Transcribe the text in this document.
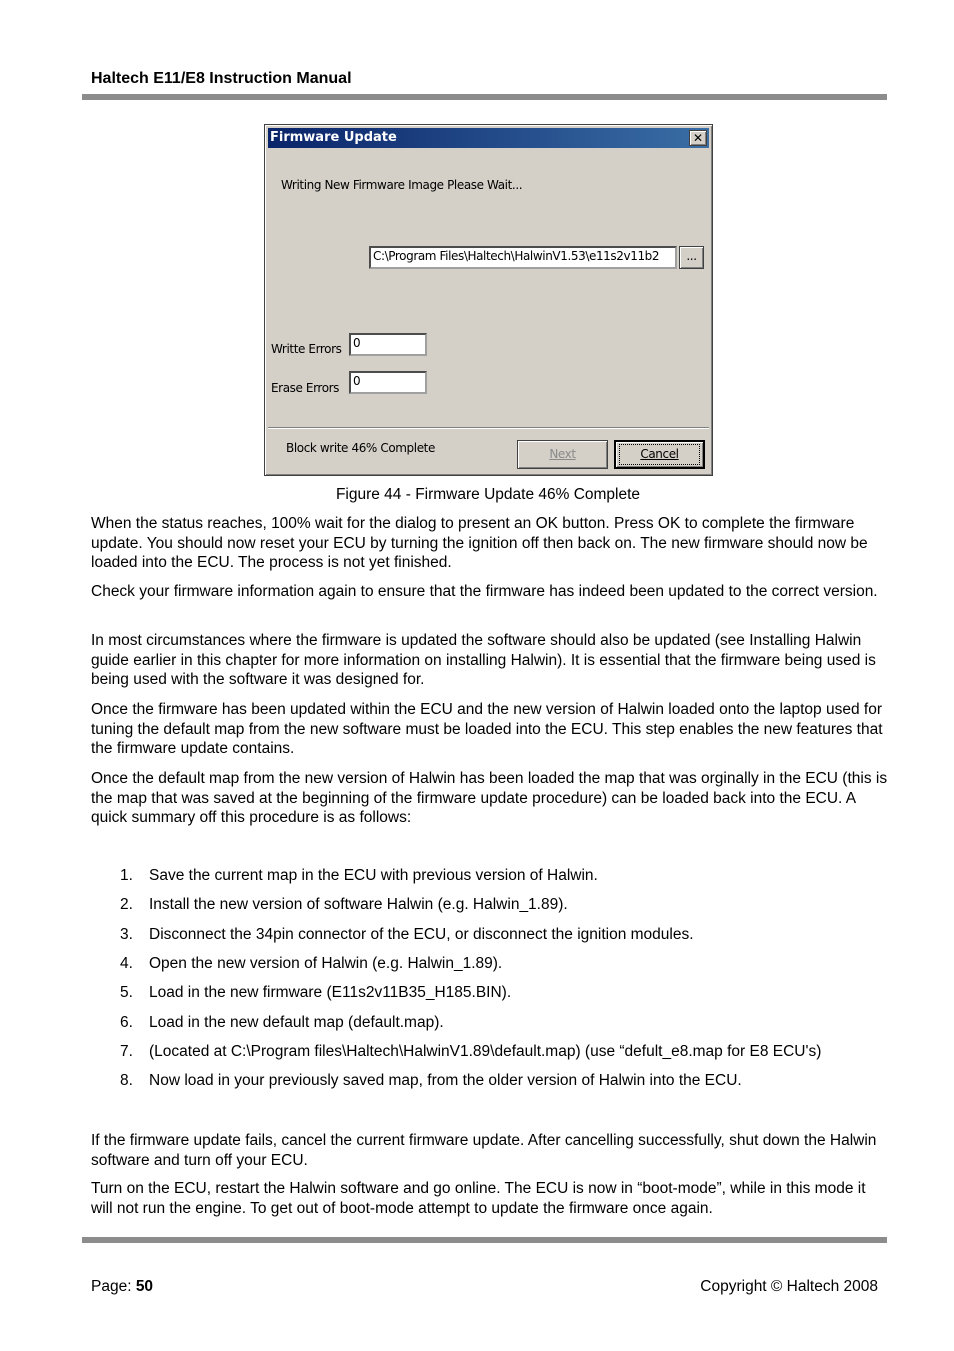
Haltech E11/E8 Instruction Manual
Firmware Update	✕
Writing New Firmware Image Please Wait...
C:\Program Files\Haltech\HalwinV1.53\e11s2v11b2	...
Writte Errors 0
Erase Errors	0
Block write 46% Complete	Next	Cancel
Figure 44 - Firmware Update 46% Complete
When the status reaches, 100% wait for the dialog to present an OK button. Press OK to complete the firmware update. You should now reset your ECU by turning the ignition off then back on. The new firmware should now be loaded into the ECU. The process is not yet finished.
Check your firmware information again to ensure that the firmware has indeed been updated to the correct version.
In most circumstances where the firmware is updated the software should also be updated (see Installing Halwin guide earlier in this chapter for more information on installing Halwin). It is essential that the firmware being used is being used with the software it was designed for.
Once the firmware has been updated within the ECU and the new version of Halwin loaded onto the laptop used for tuning the default map from the new software must be loaded into the ECU. This step enables the new features that the firmware update contains.
Once the default map from the new version of Halwin has been loaded the map that was orginally in the ECU (this is the map that was saved at the beginning of the firmware update procedure) can be loaded back into the ECU. A quick summary off this procedure is as follows:
1.	Save the current map in the ECU with previous version of Halwin.
2.	Install the new version of software Halwin (e.g. Halwin_1.89).
3.	Disconnect the 34pin connector of the ECU, or disconnect the ignition modules.
4.	Open the new version of Halwin (e.g. Halwin_1.89).
5.	Load in the new firmware (E11s2v11B35_H185.BIN).
6.	Load in the new default map (default.map).
7.	(Located at C:\Program files\Haltech\HalwinV1.89\default.map) (use “defult_e8.map for E8 ECU's)
8.	Now load in your previously saved map, from the older version of Halwin into the ECU.
If the firmware update fails, cancel the current firmware update. After cancelling successfully, shut down the Halwin software and turn off your ECU.
Turn on the ECU, restart the Halwin software and go online. The ECU is now in “boot-mode”, while in this mode it will not run the engine. To get out of boot-mode attempt to update the firmware once again.
Page: 50	Copyright © Haltech 2008
